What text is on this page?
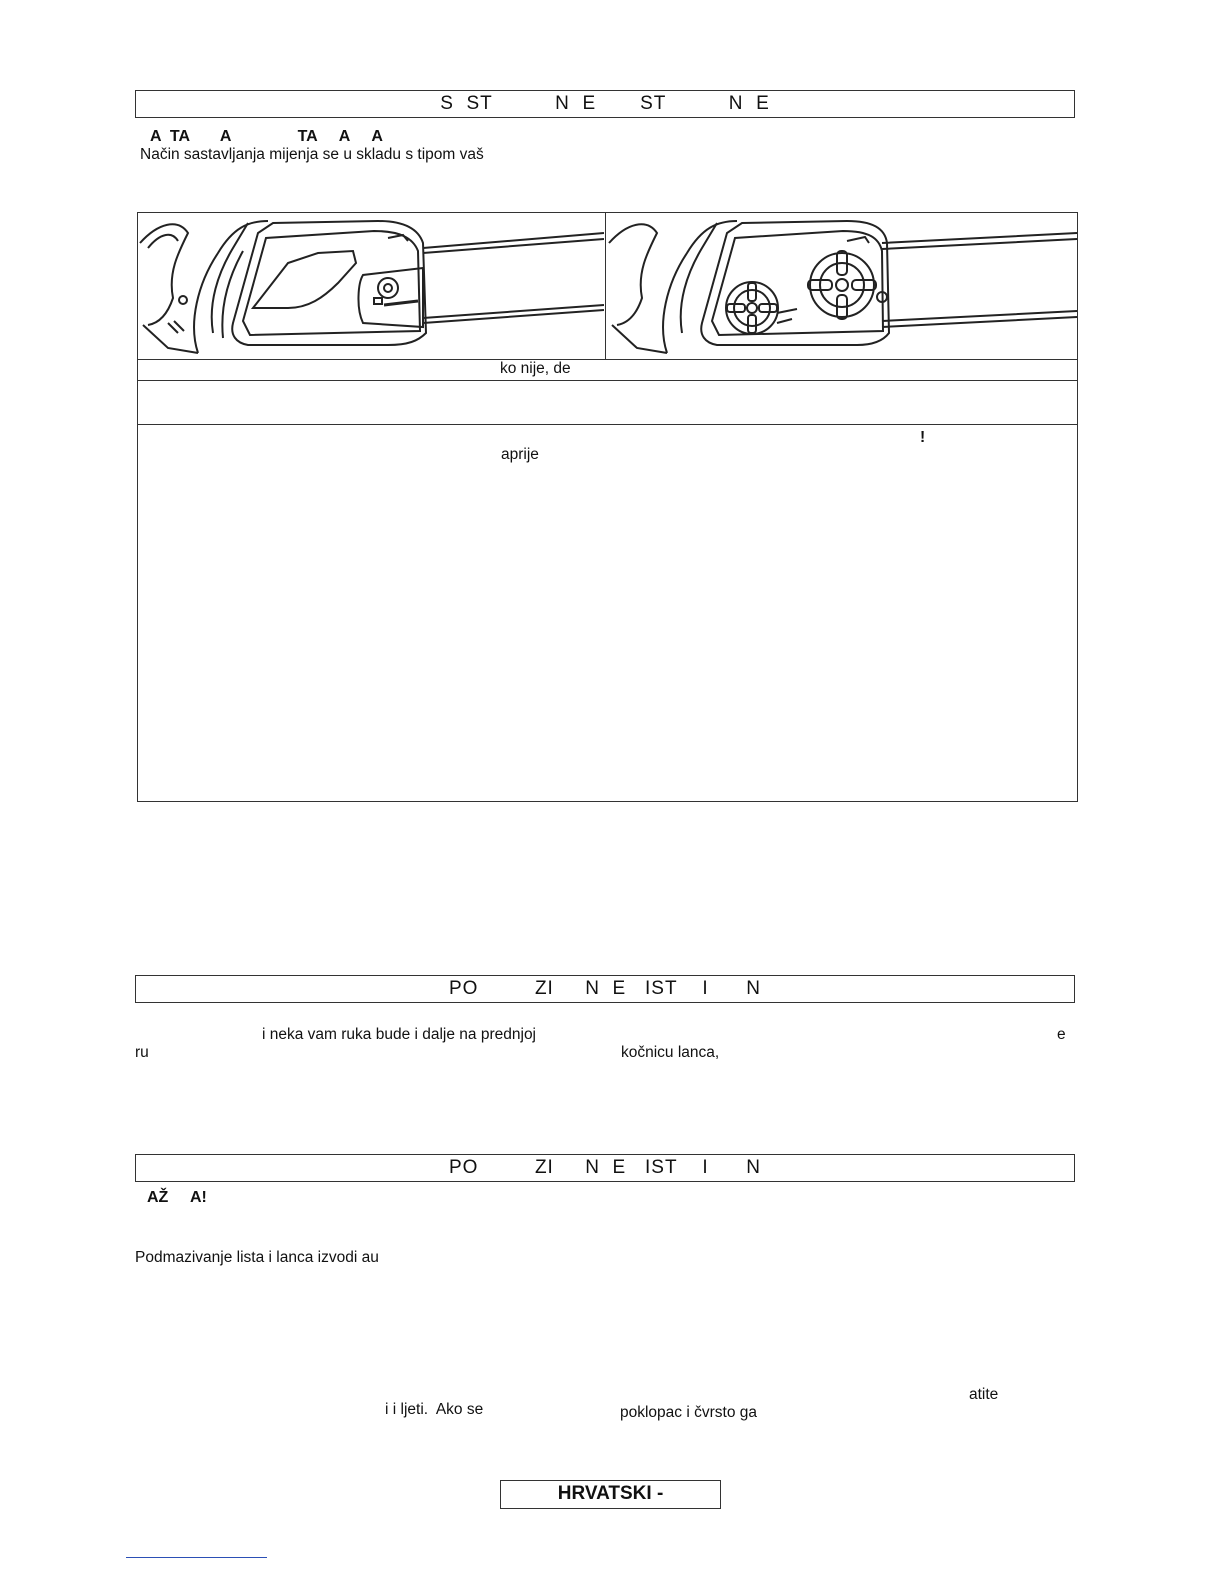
S  ST          N  E       ST          N  E
A  TA       A               TA     A     A
Način sastavljanja mijenja se u skladu s tipom vaš
ko nije, de
!
aprije
PO         ZI     N  E   IST    I      N
i neka vam ruka bude i dalje na prednjoj	e
ru	kočnicu lanca,
PO         ZI     N  E   IST    I      N
AŽ     A!
Podmazivanje lista i lanca izvodi au
atite
i i ljeti.  Ako se	poklopac i čvrsto ga
HRVATSKI -
